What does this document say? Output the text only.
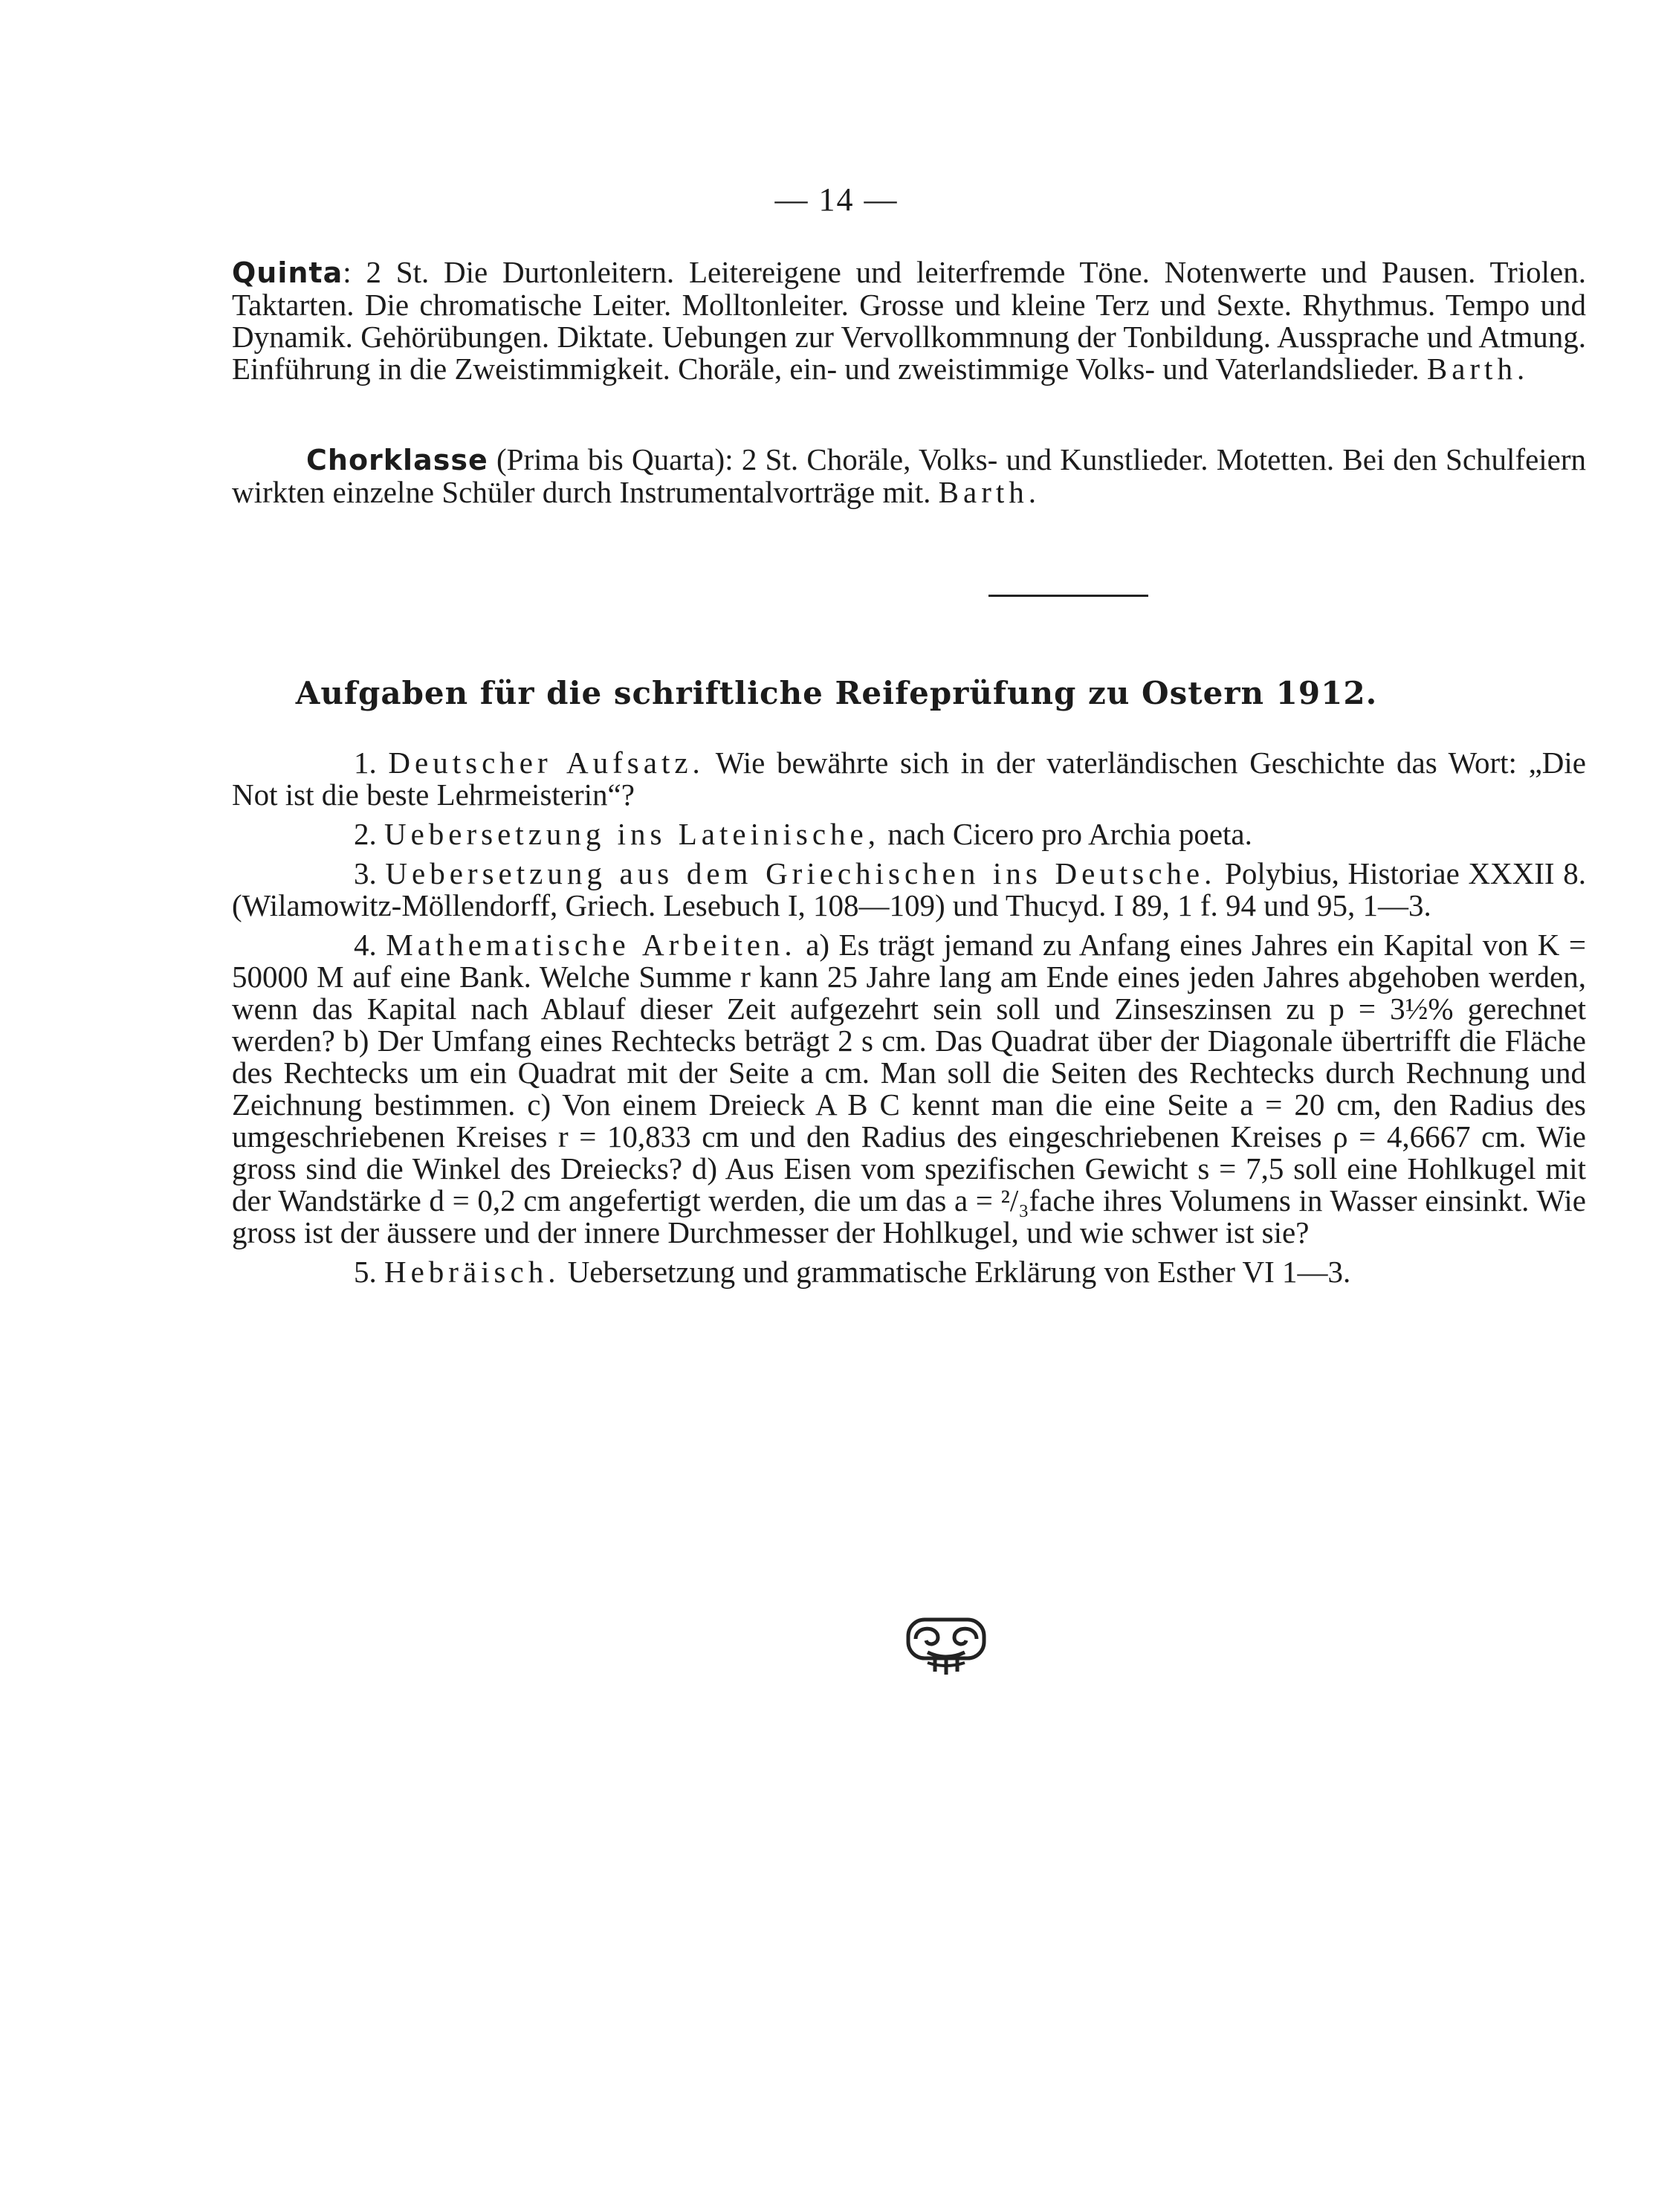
— 14 —

Quinta: 2 St. Die Durtonleitern. Leitereigene und leiterfremde Töne. Notenwerte und Pausen. Triolen. Taktarten. Die chromatische Leiter. Molltonleiter. Grosse und kleine Terz und Sexte. Rhythmus. Tempo und Dynamik. Gehörübungen. Diktate. Uebungen zur Vervollkommnung der Tonbildung. Aussprache und Atmung. Einführung in die Zweistimmigkeit. Choräle, ein- und zweistimmige Volks- und Vaterlandslieder. Barth.

Chorklasse (Prima bis Quarta): 2 St. Choräle, Volks- und Kunstlieder. Motetten. Bei den Schulfeiern wirkten einzelne Schüler durch Instrumentalvorträge mit. Barth.

Aufgaben für die schriftliche Reifeprüfung zu Ostern 1912.

1. Deutscher Aufsatz. Wie bewährte sich in der vaterländischen Geschichte das Wort: „Die Not ist die beste Lehrmeisterin“?

2. Uebersetzung ins Lateinische, nach Cicero pro Archia poeta.

3. Uebersetzung aus dem Griechischen ins Deutsche. Polybius, Historiae XXXII 8. (Wilamowitz-Möllendorff, Griech. Lesebuch I, 108—109) und Thucyd. I 89, 1 f. 94 und 95, 1—3.

4. Mathematische Arbeiten. a) Es trägt jemand zu Anfang eines Jahres ein Kapital von K = 50000 M auf eine Bank. Welche Summe r kann 25 Jahre lang am Ende eines jeden Jahres abgehoben werden, wenn das Kapital nach Ablauf dieser Zeit aufgezehrt sein soll und Zinseszinsen zu p = 3½% gerechnet werden? b) Der Umfang eines Rechtecks beträgt 2 s cm. Das Quadrat über der Diagonale übertrifft die Fläche des Rechtecks um ein Quadrat mit der Seite a cm. Man soll die Seiten des Rechtecks durch Rechnung und Zeichnung bestimmen. c) Von einem Dreieck A B C kennt man die eine Seite a = 20 cm, den Radius des umgeschriebenen Kreises r = 10,833 cm und den Radius des eingeschriebenen Kreises ρ = 4,6667 cm. Wie gross sind die Winkel des Dreiecks? d) Aus Eisen vom spezifischen Gewicht s = 7,5 soll eine Hohlkugel mit der Wandstärke d = 0,2 cm angefertigt werden, die um das a = ²/₃fache ihres Volumens in Wasser einsinkt. Wie gross ist der äussere und der innere Durchmesser der Hohlkugel, und wie schwer ist sie?

5. Hebräisch. Uebersetzung und grammatische Erklärung von Esther VI 1—3.
